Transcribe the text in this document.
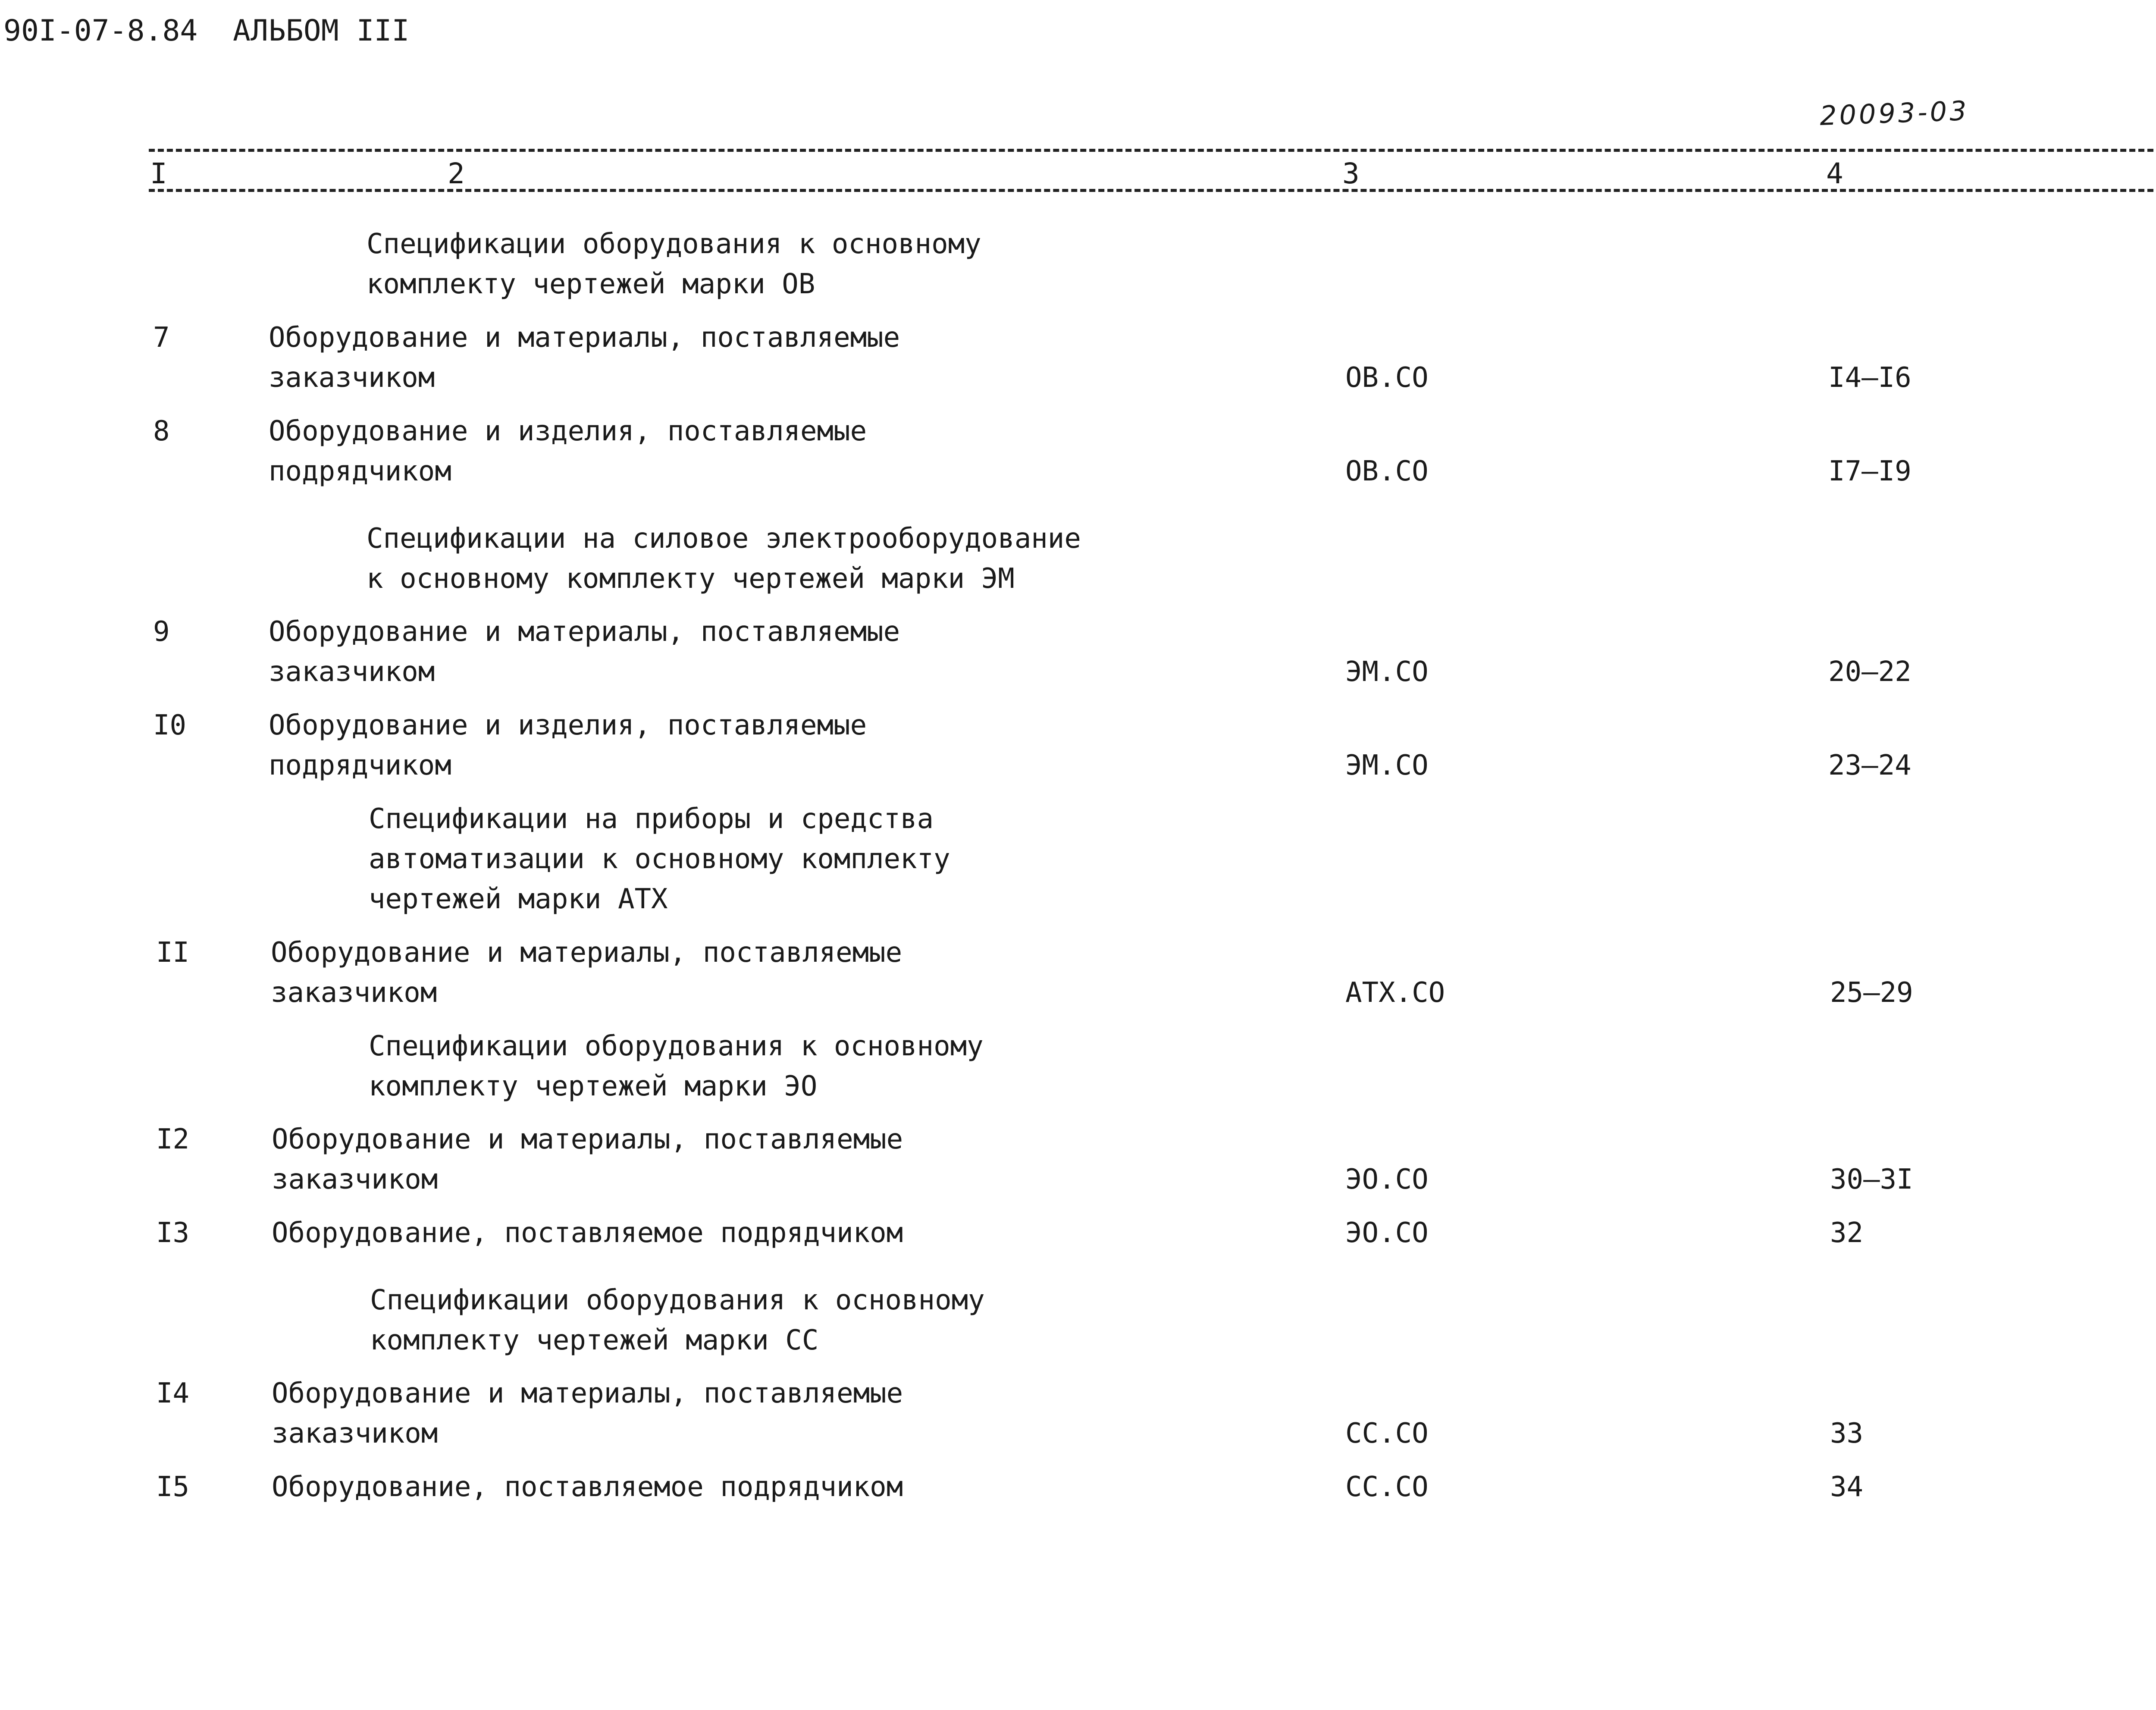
90I-07-8.84 АЛЬБОМ III
20093-03
I	2	3	4
Спецификации оборудования к основному
комплекту чертежей марки ОВ
7	Оборудование и материалы, поставляемые
заказчиком	ОВ.СО	I4–I6
8	Оборудование и изделия, поставляемые
подрядчиком	ОВ.СО	I7–I9
Спецификации на силовое электрооборудование
к основному комплекту чертежей марки ЭМ
9	Оборудование и материалы, поставляемые
заказчиком	ЭМ.СО	20–22
I0	Оборудование и изделия, поставляемые
подрядчиком	ЭМ.СО	23–24
Спецификации на приборы и средства
автоматизации к основному комплекту
чертежей марки АТХ
II	Оборудование и материалы, поставляемые
заказчиком	АТХ.СО	25–29
Спецификации оборудования к основному
комплекту чертежей марки ЭО
I2	Оборудование и материалы, поставляемые
заказчиком	ЭО.СО	30–3I
I3	Оборудование, поставляемое подрядчиком	ЭО.СО	32
Спецификации оборудования к основному
комплекту чертежей марки СС
I4	Оборудование и материалы, поставляемые
заказчиком	СС.СО	33
I5	Оборудование, поставляемое подрядчиком	СС.СО	34
